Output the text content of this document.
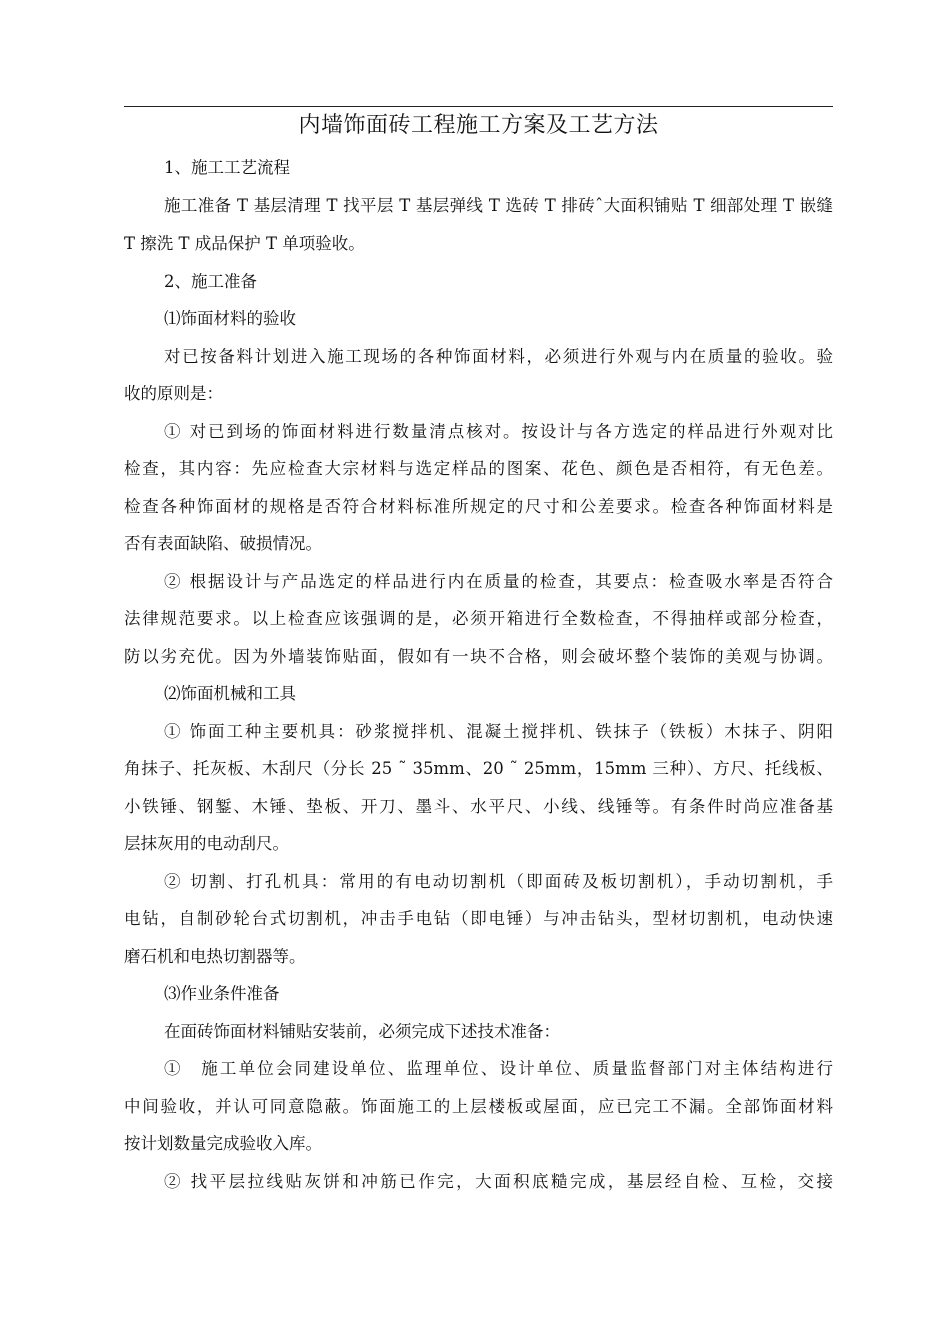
内墙饰面砖工程施工方案及工艺方法
1、施工工艺流程
施工准备 T 基层清理 T 找平层 T 基层弹线 T 选砖 T 排砖ˆ大面积铺贴 T 细部处理 T 嵌缝
T 擦洗 T 成品保护 T 单项验收。
2、施工准备
⑴饰面材料的验收
对已按备料计划进入施工现场的各种饰面材料，必须进行外观与内在质量的验收。验
收的原则是：
① 对已到场的饰面材料进行数量清点核对。按设计与各方选定的样品进行外观对比
检查，其内容：先应检查大宗材料与选定样品的图案、花色、颜色是否相符，有无色差。
检查各种饰面材的规格是否符合材料标准所规定的尺寸和公差要求。检查各种饰面材料是
否有表面缺陷、破损情况。
② 根据设计与产品选定的样品进行内在质量的检查，其要点：检查吸水率是否符合
法律规范要求。以上检查应该强调的是，必须开箱进行全数检查，不得抽样或部分检查，
防以劣充优。因为外墙装饰贴面，假如有一块不合格，则会破坏整个装饰的美观与协调。
⑵饰面机械和工具
① 饰面工种主要机具：砂浆搅拌机、混凝土搅拌机、铁抹子（铁板）木抹子、阴阳
角抹子、托灰板、木刮尺（分长 25 ˜ 35mm、20 ˜ 25mm，15mm 三种）、方尺、托线板、
小铁锤、钢錾、木锤、垫板、开刀、墨斗、水平尺、小线、线锤等。有条件时尚应准备基
层抹灰用的电动刮尺。
② 切割、打孔机具：常用的有电动切割机（即面砖及板切割机），手动切割机，手
电钻，自制砂轮台式切割机，冲击手电钻（即电锤）与冲击钻头，型材切割机，电动快速
磨石机和电热切割器等。
⑶作业条件准备
在面砖饰面材料铺贴安装前，必须完成下述技术准备：
①　施工单位会同建设单位、监理单位、设计单位、质量监督部门对主体结构进行
中间验收，并认可同意隐蔽。饰面施工的上层楼板或屋面，应已完工不漏。全部饰面材料
按计划数量完成验收入库。
② 找平层拉线贴灰饼和冲筋已作完，大面积底糙完成，基层经自检、互检，交接
